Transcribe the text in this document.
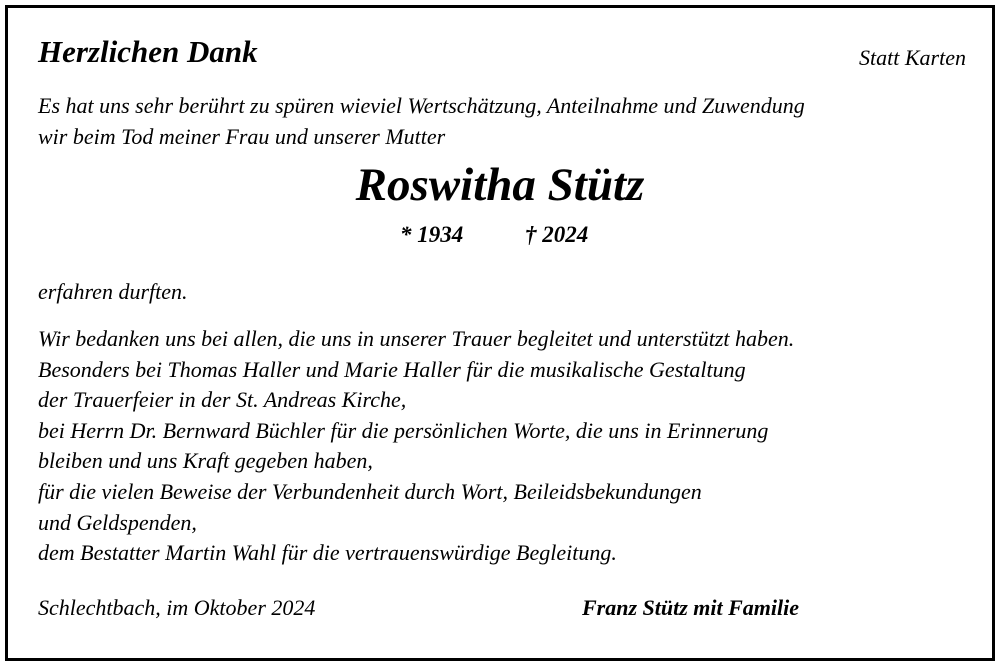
Herzlichen Dank	Statt Karten
Es hat uns sehr berührt zu spüren wieviel Wertschätzung, Anteilnahme und Zuwendung
wir beim Tod meiner Frau und unserer Mutter
Roswitha Stütz
* 1934	† 2024
erfahren durften.
Wir bedanken uns bei allen, die uns in unserer Trauer begleitet und unterstützt haben.
Besonders bei Thomas Haller und Marie Haller für die musikalische Gestaltung
der Trauerfeier in der St. Andreas Kirche,
bei Herrn Dr. Bernward Büchler für die persönlichen Worte, die uns in Erinnerung
bleiben und uns Kraft gegeben haben,
für die vielen Beweise der Verbundenheit durch Wort, Beileidsbekundungen
und Geldspenden,
dem Bestatter Martin Wahl für die vertrauenswürdige Begleitung.
Schlechtbach, im Oktober 2024	Franz Stütz mit Familie
